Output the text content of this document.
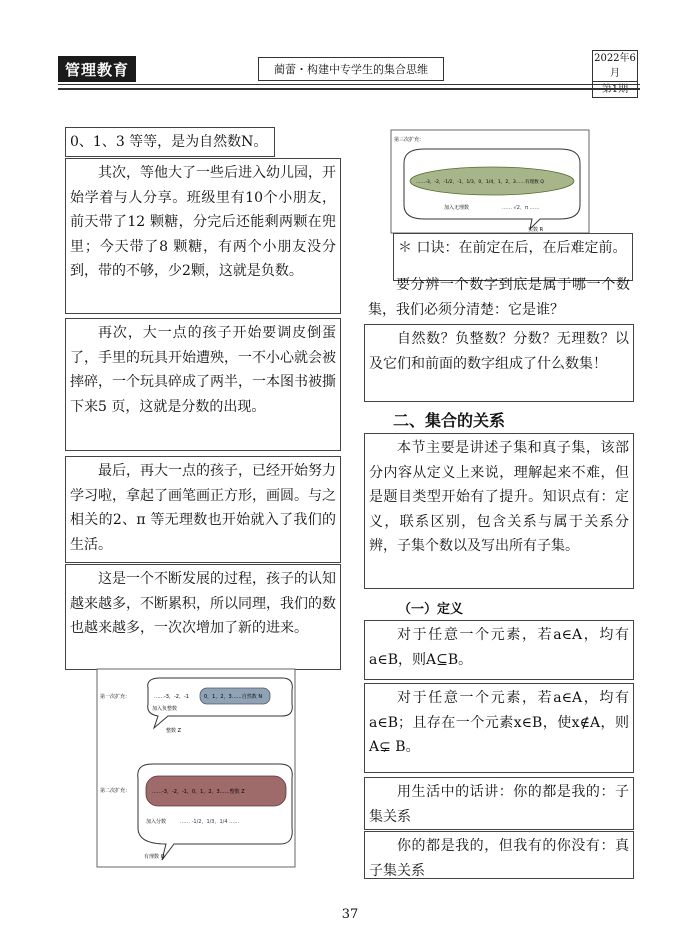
管理教育	蔺蕾・构建中专学生的集合思维
2022年6月
第1期
0、1、3 等等，是为自然数N。
其次，等他大了一些后进入幼儿园，开始学着与人分享。班级里有10个小朋友，前天带了12 颗糖，分完后还能剩两颗在兜里；今天带了8 颗糖，有两个小朋友没分到，带的不够，少2颗，这就是负数。
再次，大一点的孩子开始要调皮倒蛋了，手里的玩具开始遭殃，一不小心就会被摔碎，一个玩具碎成了两半，一本图书被撕下来5 页，这就是分数的出现。
最后，再大一点的孩子，已经开始努力学习啦，拿起了画笔画正方形，画圆。与之相关的2、π 等无理数也开始就入了我们的生活。
这是一个不断发展的过程，孩子的认知越来越多，不断累积，所以同理，我们的数也越来越多，一次次增加了新的进来。
第一次扩充：	……-3，-2，-1	0，1，2，3……自然数 N
加入负整数
整数 Z
第二次扩充：	……-3，-2，-1，0，1，2，3……整数 Z
加入分数	…… -1/2，1/3，1/4 ……
有理数 Q
第三次扩充：
……-3，-2，-1/2，-1，1/3，0，1/4，1，2，3……有理数 Q
加入无理数	…… √2，π ……
实数 R
＊ 口诀：在前定在后，在后难定前。
要分辨一个数字到底是属于哪一个数集，我们必须分清楚：它是谁？
自然数？负整数？分数？无理数？以及它们和前面的数字组成了什么数集！
二、集合的关系
本节主要是讲述子集和真子集，该部分内容从定义上来说，理解起来不难，但是题目类型开始有了提升。知识点有：定义，联系区别，包含关系与属于关系分辨，子集个数以及写出所有子集。
（一）定义
对于任意一个元素，若a∈A，均有a∈B，则A⊆B。
对于任意一个元素，若a∈A，均有a∈B；且存在一个元素x∈B，使x∉A，则A⊊ B。
用生活中的话讲：你的都是我的：子集关系
你的都是我的，但我有的你没有：真子集关系
37
